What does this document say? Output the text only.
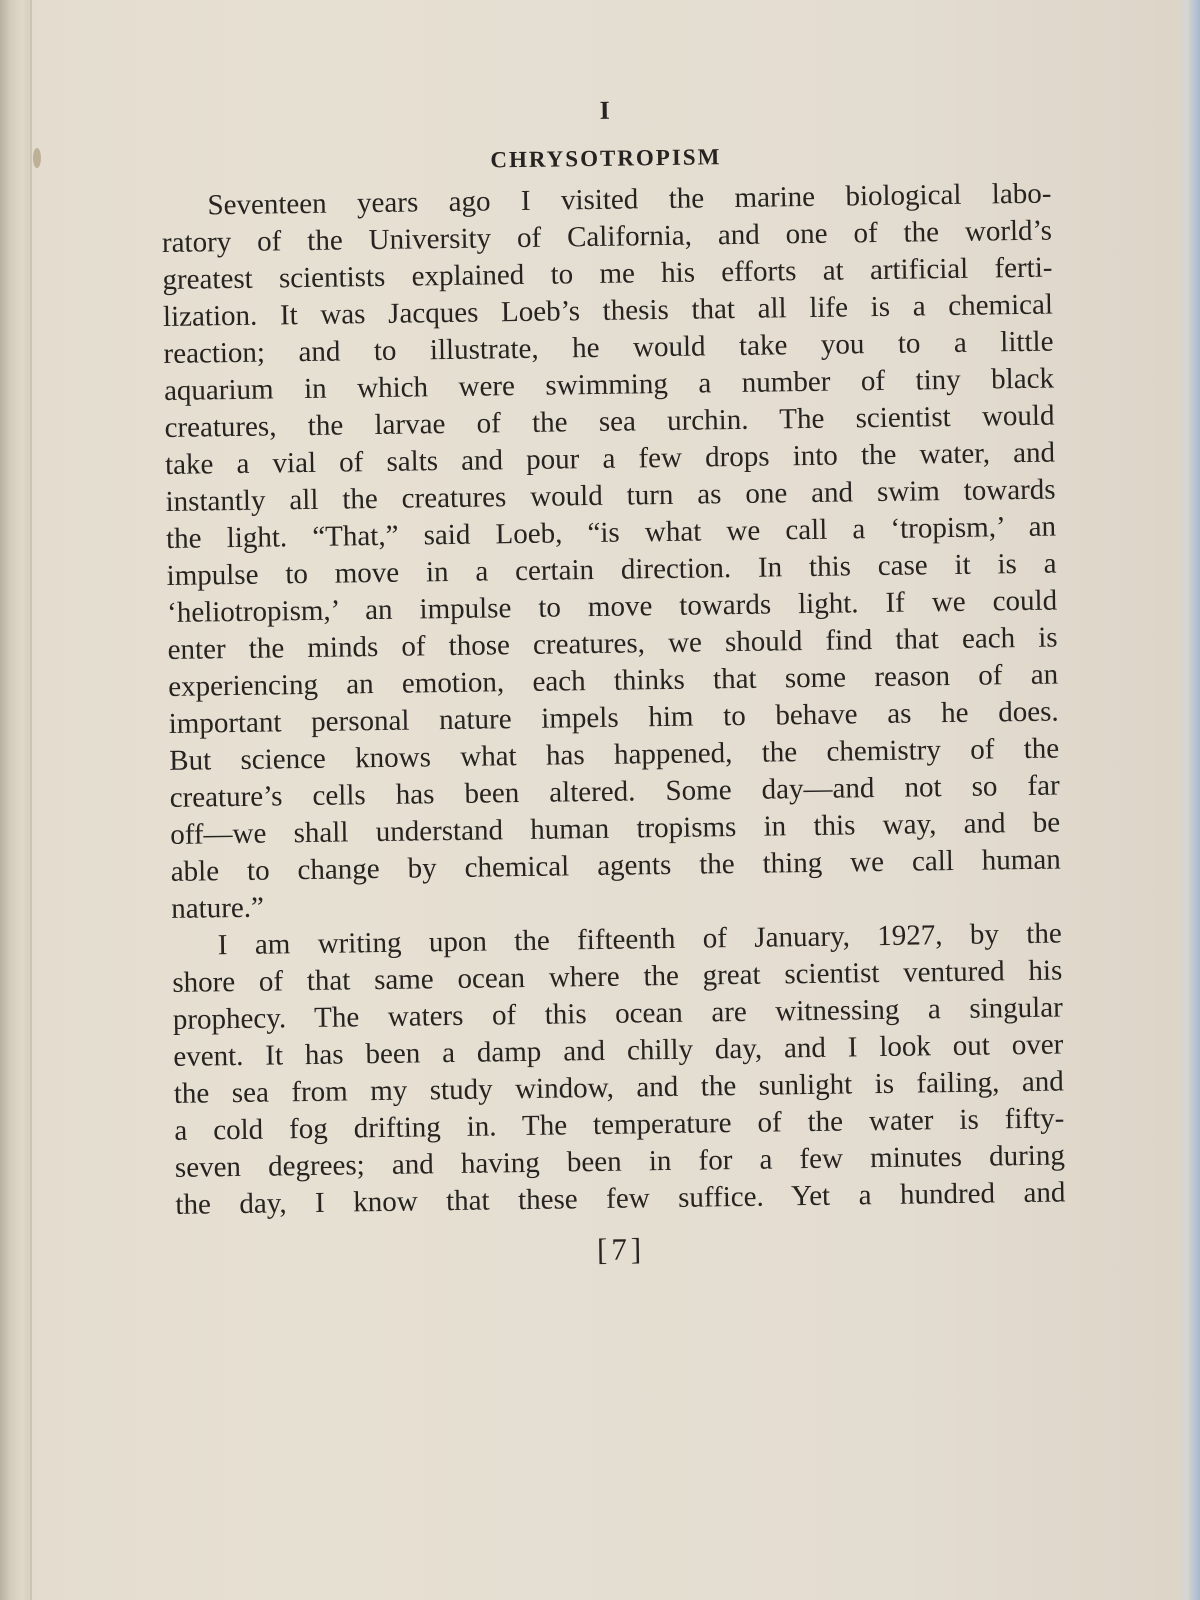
I
CHRYSOTROPISM
Seventeen years ago I visited the marine biological labo-
ratory of the University of California, and one of the world’s
greatest scientists explained to me his efforts at artificial ferti-
lization. It was Jacques Loeb’s thesis that all life is a chemical
reaction; and to illustrate, he would take you to a little
aquarium in which were swimming a number of tiny black
creatures, the larvae of the sea urchin. The scientist would
take a vial of salts and pour a few drops into the water, and
instantly all the creatures would turn as one and swim towards
the light. “That,” said Loeb, “is what we call a ‘tropism,’ an
impulse to move in a certain direction. In this case it is a
‘heliotropism,’ an impulse to move towards light. If we could
enter the minds of those creatures, we should find that each is
experiencing an emotion, each thinks that some reason of an
important personal nature impels him to behave as he does.
But science knows what has happened, the chemistry of the
creature’s cells has been altered. Some day—and not so far
off—we shall understand human tropisms in this way, and be
able to change by chemical agents the thing we call human
nature.”
I am writing upon the fifteenth of January, 1927, by the
shore of that same ocean where the great scientist ventured his
prophecy. The waters of this ocean are witnessing a singular
event. It has been a damp and chilly day, and I look out over
the sea from my study window, and the sunlight is failing, and
a cold fog drifting in. The temperature of the water is fifty-
seven degrees; and having been in for a few minutes during
the day, I know that these few suffice. Yet a hundred and
[7]
